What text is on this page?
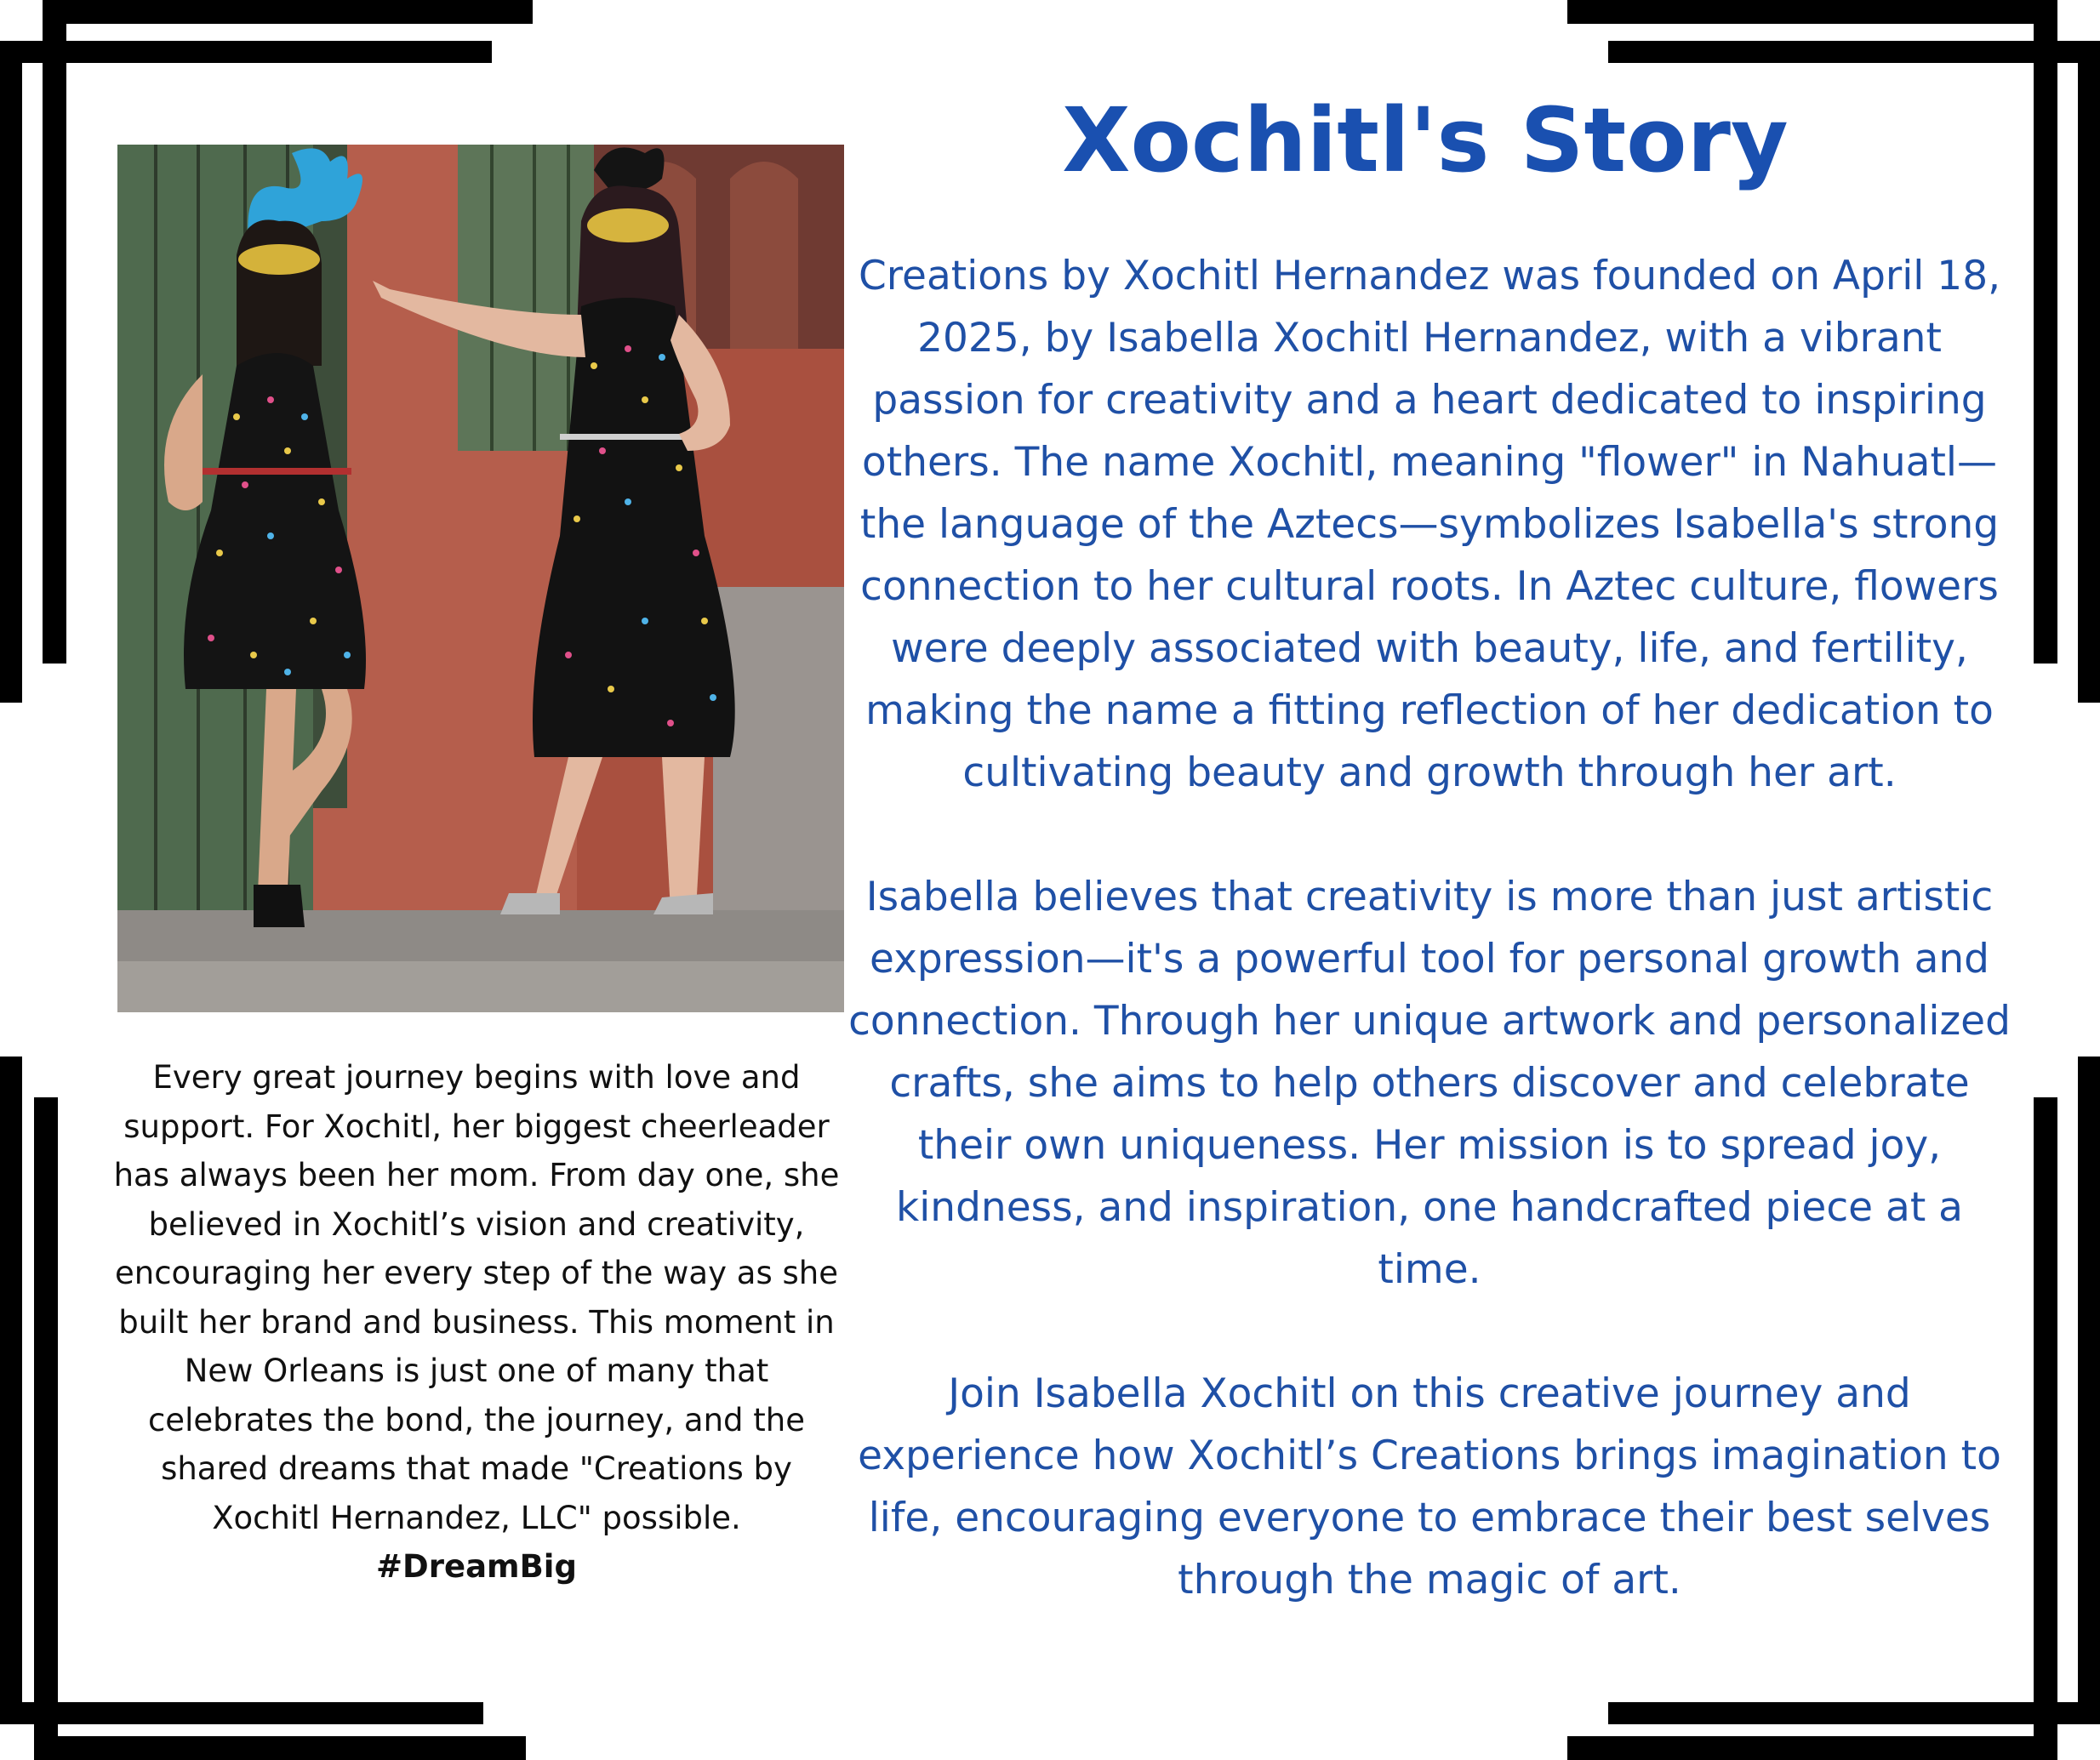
Xochitl's Story

Creations by Xochitl Hernandez was founded on April 18, 2025, by Isabella Xochitl Hernandez, with a vibrant passion for creativity and a heart dedicated to inspiring others. The name Xochitl, meaning "flower" in Nahuatl—the language of the Aztecs—symbolizes Isabella's strong connection to her cultural roots. In Aztec culture, flowers were deeply associated with beauty, life, and fertility, making the name a fitting reflection of her dedication to cultivating beauty and growth through her art.

Isabella believes that creativity is more than just artistic expression—it's a powerful tool for personal growth and connection. Through her unique artwork and personalized crafts, she aims to help others discover and celebrate their own uniqueness. Her mission is to spread joy, kindness, and inspiration, one handcrafted piece at a time.

Join Isabella Xochitl on this creative journey and experience how Xochitl’s Creations brings imagination to life, encouraging everyone to embrace their best selves through the magic of art.

Every great journey begins with love and support. For Xochitl, her biggest cheerleader has always been her mom. From day one, she believed in Xochitl’s vision and creativity, encouraging her every step of the way as she built her brand and business. This moment in New Orleans is just one of many that celebrates the bond, the journey, and the shared dreams that made "Creations by Xochitl Hernandez, LLC" possible.
#DreamBig
